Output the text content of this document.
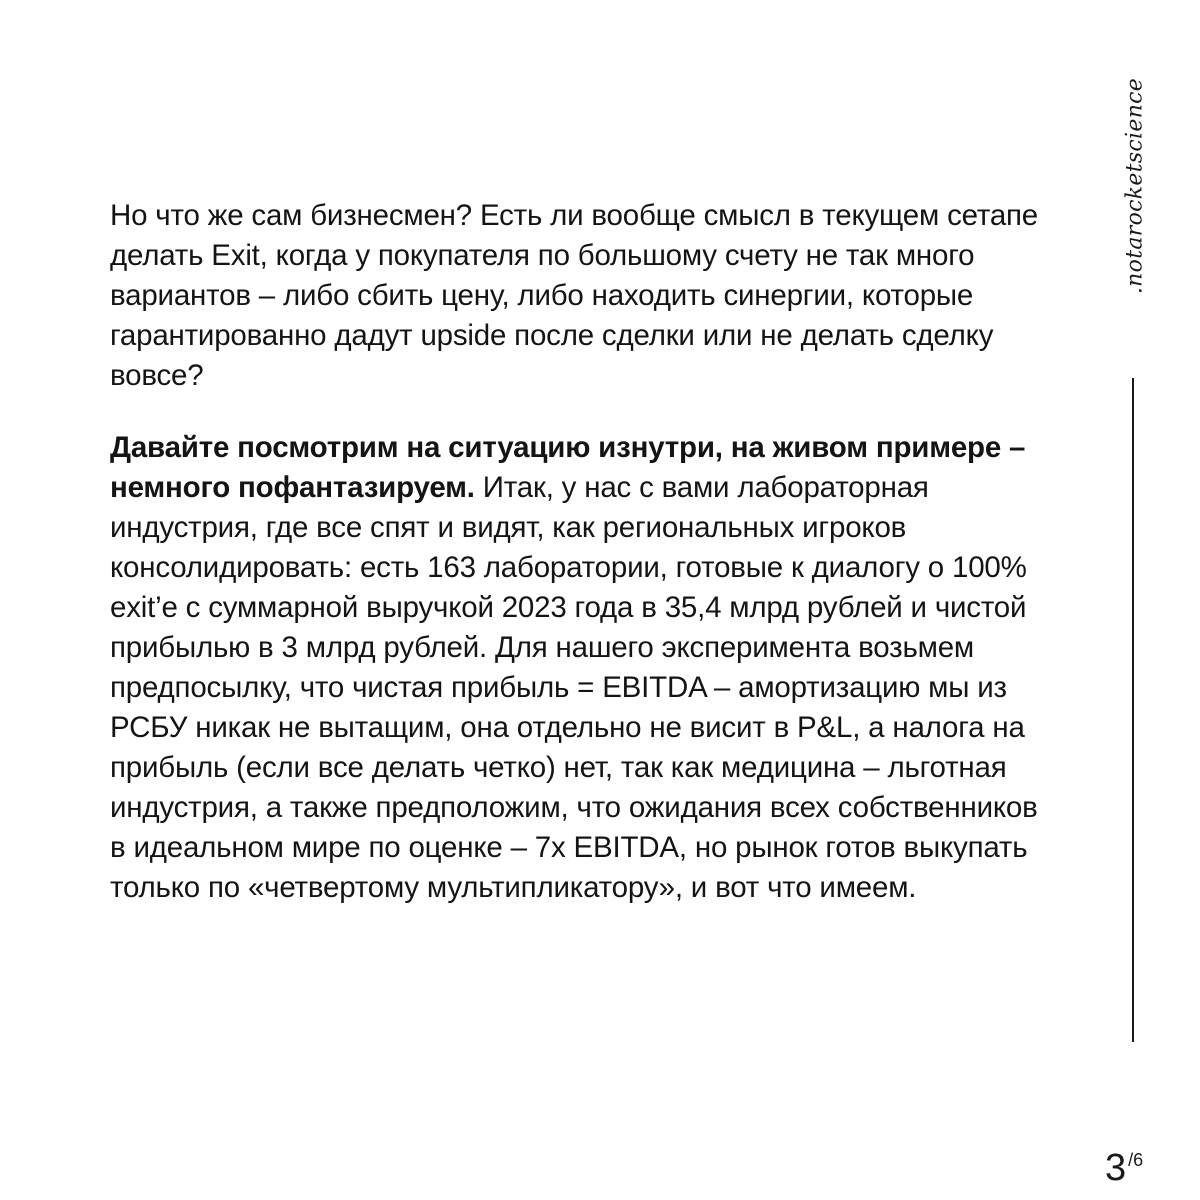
Но что же сам бизнесмен? Есть ли вообще смысл в текущем сетапе делать Exit, когда у покупателя по большому счету не так много вариантов – либо сбить цену, либо находить синергии, которые гарантированно дадут upside после сделки или не делать сделку вовсе?

Давайте посмотрим на ситуацию изнутри, на живом примере – немного пофантазируем. Итак, у нас с вами лабораторная индустрия, где все спят и видят, как региональных игроков консолидировать: есть 163 лаборатории, готовые к диалогу о 100% exit’е с суммарной выручкой 2023 года в 35,4 млрд рублей и чистой прибылью в 3 млрд рублей. Для нашего эксперимента возьмем предпосылку, что чистая прибыль = EBITDA – амортизацию мы из РСБУ никак не вытащим, она отдельно не висит в P&L, а налога на прибыль (если все делать четко) нет, так как медицина – льготная индустрия, а также предположим, что ожидания всех собственников в идеальном мире по оценке – 7х EBITDA, но рынок готов выкупать только по «четвертому мультипликатору», и вот что имеем.

.notarocketscience
3 /6
